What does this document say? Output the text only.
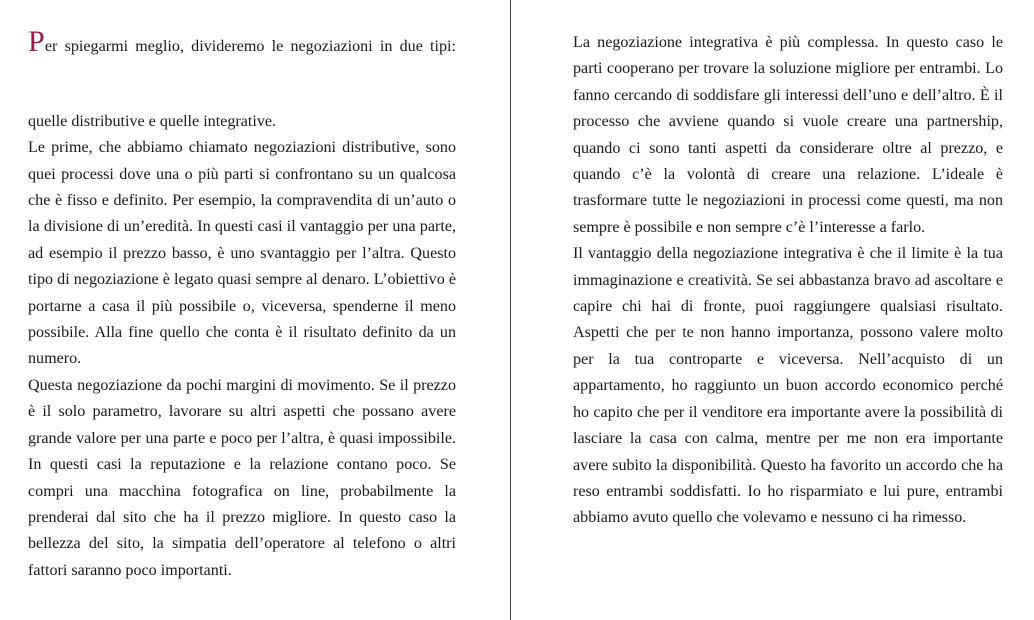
Per spiegarmi meglio, divideremo le negoziazioni in due tipi:

quelle distributive e quelle integrative.

Le prime, che abbiamo chiamato negoziazioni distributive, sono quei processi dove una o più parti si confrontano su un qualcosa che è fisso e definito. Per esempio, la compravendita di un’auto o la divisione di un’eredità. In questi casi il vantaggio per una parte, ad esempio il prezzo basso, è uno svantaggio per l’altra. Questo tipo di negoziazione è legato quasi sempre al denaro. L’obiettivo è portarne a casa il più possibile o, viceversa, spenderne il meno possibile. Alla fine quello che conta è il risultato definito da un numero.

Questa negoziazione da pochi margini di movimento. Se il prezzo è il solo parametro, lavorare su altri aspetti che possano avere grande valore per una parte e poco per l’altra, è quasi impossibile. In questi casi la reputazione e la relazione contano poco. Se compri una macchina fotografica on line, probabilmente la prenderai dal sito che ha il prezzo migliore. In questo caso la bellezza del sito, la simpatia dell’operatore al telefono o altri fattori saranno poco importanti.

La negoziazione integrativa è più complessa. In questo caso le parti cooperano per trovare la soluzione migliore per entrambi. Lo fanno cercando di soddisfare gli interessi dell’uno e dell’altro. È il processo che avviene quando si vuole creare una partnership, quando ci sono tanti aspetti da considerare oltre al prezzo, e quando c’è la volontà di creare una relazione. L’ideale è trasformare tutte le negoziazioni in processi come questi, ma non sempre è possibile e non sempre c’è l’interesse a farlo.

Il vantaggio della negoziazione integrativa è che il limite è la tua immaginazione e creatività. Se sei abbastanza bravo ad ascoltare e capire chi hai di fronte, puoi raggiungere qualsiasi risultato. Aspetti che per te non hanno importanza, possono valere molto per la tua controparte e viceversa. Nell’acquisto di un appartamento, ho raggiunto un buon accordo economico perché ho capito che per il venditore era importante avere la possibilità di lasciare la casa con calma, mentre per me non era importante avere subito la disponibilità. Questo ha favorito un accordo che ha reso entrambi soddisfatti. Io ho risparmiato e lui pure, entrambi abbiamo avuto quello che volevamo e nessuno ci ha rimesso.
